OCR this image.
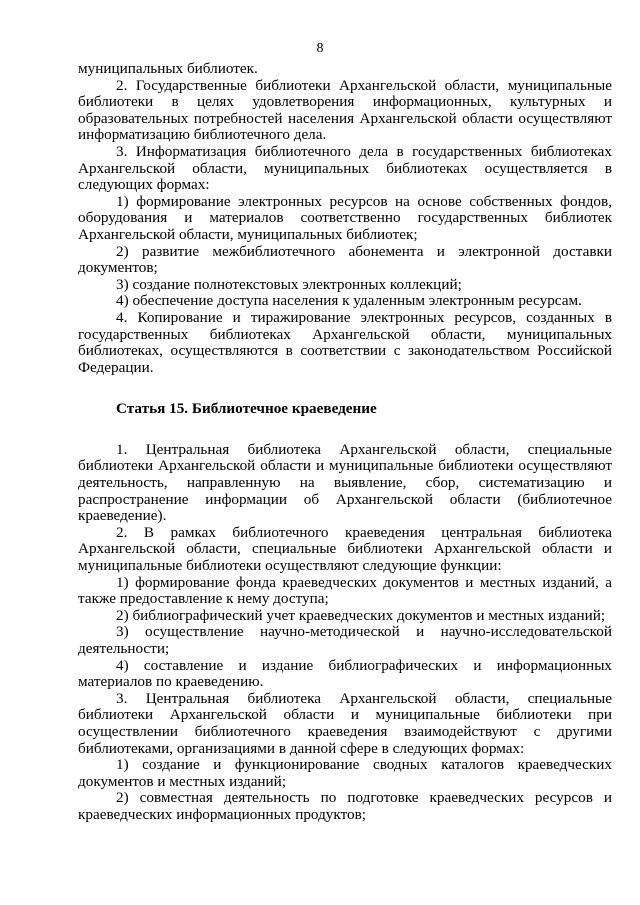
8

муниципальных библиотек.

2. Государственные библиотеки Архангельской области, муниципальные библиотеки в целях удовлетворения информационных, культурных и образовательных потребностей населения Архангельской области осуществляют информатизацию библиотечного дела.

3. Информатизация библиотечного дела в государственных библиотеках Архангельской области, муниципальных библиотеках осуществляется в следующих формах:

1) формирование электронных ресурсов на основе собственных фондов, оборудования и материалов соответственно государственных библиотек Архангельской области, муниципальных библиотек;

2) развитие межбиблиотечного абонемента и электронной доставки документов;

3) создание полнотекстовых электронных коллекций;

4) обеспечение доступа населения к удаленным электронным ресурсам.

4. Копирование и тиражирование электронных ресурсов, созданных в государственных библиотеках Архангельской области, муниципальных библиотеках, осуществляются в соответствии с законодательством Российской Федерации.

Статья 15. Библиотечное краеведение

1. Центральная библиотека Архангельской области, специальные библиотеки Архангельской области и муниципальные библиотеки осуществляют деятельность, направленную на выявление, сбор, систематизацию и распространение информации об Архангельской области (библиотечное краеведение).

2. В рамках библиотечного краеведения центральная библиотека Архангельской области, специальные библиотеки Архангельской области и муниципальные библиотеки осуществляют следующие функции:

1) формирование фонда краеведческих документов и местных изданий, а также предоставление к нему доступа;

2) библиографический учет краеведческих документов и местных изданий;

3) осуществление научно-методической и научно-исследовательской деятельности;

4) составление и издание библиографических и информационных материалов по краеведению.

3. Центральная библиотека Архангельской области, специальные библиотеки Архангельской области и муниципальные библиотеки при осуществлении библиотечного краеведения взаимодействуют с другими библиотеками, организациями в данной сфере в следующих формах:

1) создание и функционирование сводных каталогов краеведческих документов и местных изданий;

2) совместная деятельность по подготовке краеведческих ресурсов и краеведческих информационных продуктов;
